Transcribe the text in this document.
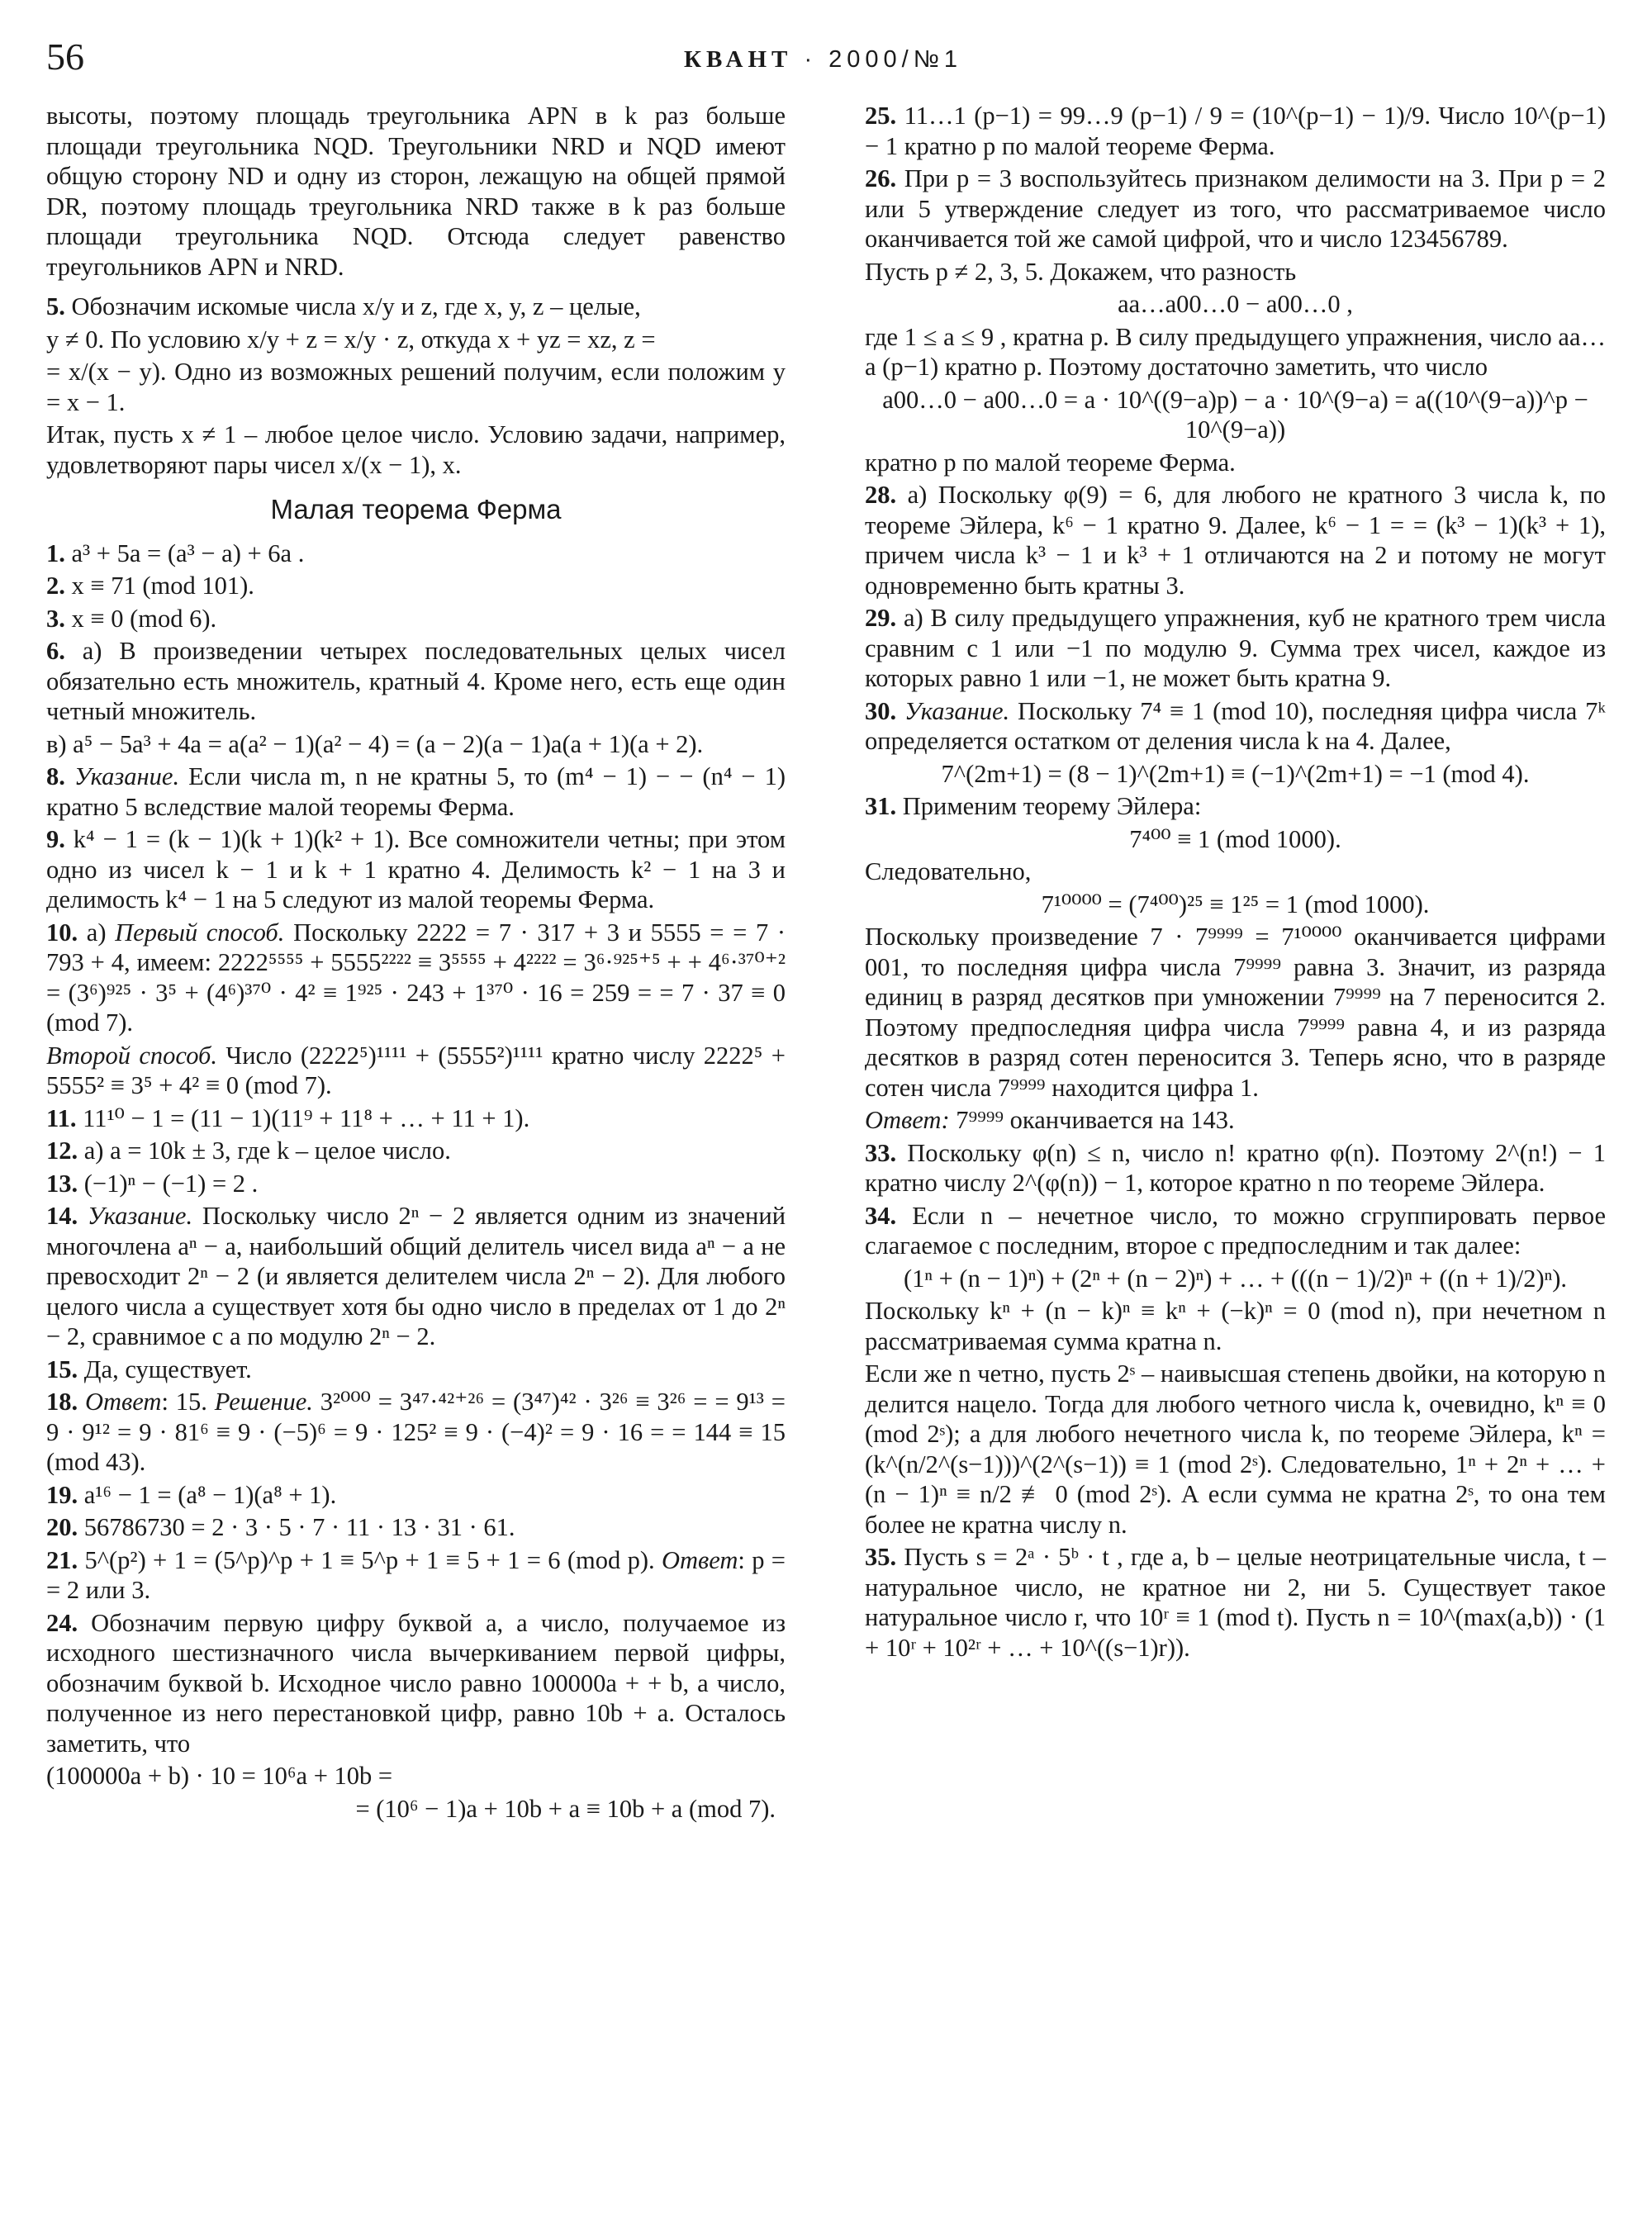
56	КВАНТ · 2000/№1

высоты, поэтому площадь треугольника APN в k раз больше площади треугольника NQD. Треугольники NRD и NQD имеют общую сторону ND и одну из сторон, лежащую на общей прямой DR, поэтому площадь треугольника NRD также в k раз больше площади треугольника NQD. Отсюда следует равенство треугольников APN и NRD.

5. Обозначим искомые числа x/y и z, где x, y, z – целые,

y ≠ 0. По условию x/y + z = x/y · z, откуда x + yz = xz, z =

= x/(x − y). Одно из возможных решений получим, если положим y = x − 1.

Итак, пусть x ≠ 1 – любое целое число. Условию задачи, например, удовлетворяют пары чисел x/(x − 1), x.

Малая теорема Ферма

1. a³ + 5a = (a³ − a) + 6a .

2. x ≡ 71 (mod 101).

3. x ≡ 0 (mod 6).

6. а) В произведении четырех последовательных целых чисел обязательно есть множитель, кратный 4. Кроме него, есть еще один четный множитель.

в) a⁵ − 5a³ + 4a = a(a² − 1)(a² − 4) = (a − 2)(a − 1)a(a + 1)(a + 2).

8. Указание. Если числа m, n не кратны 5, то (m⁴ − 1) − − (n⁴ − 1) кратно 5 вследствие малой теоремы Ферма.

9. k⁴ − 1 = (k − 1)(k + 1)(k² + 1). Все сомножители четны; при этом одно из чисел k − 1 и k + 1 кратно 4. Делимость k² − 1 на 3 и делимость k⁴ − 1 на 5 следуют из малой теоремы Ферма.

10. а) Первый способ. Поскольку 2222 = 7 · 317 + 3 и 5555 = = 7 · 793 + 4, имеем: 2222⁵⁵⁵⁵ + 5555²²²² ≡ 3⁵⁵⁵⁵ + 4²²²² = 3⁶·⁹²⁵⁺⁵ + + 4⁶·³⁷⁰⁺² = (3⁶)⁹²⁵ · 3⁵ + (4⁶)³⁷⁰ · 4² ≡ 1⁹²⁵ · 243 + 1³⁷⁰ · 16 = 259 = = 7 · 37 ≡ 0 (mod 7).

Второй способ. Число (2222⁵)¹¹¹¹ + (5555²)¹¹¹¹ кратно числу 2222⁵ + 5555² ≡ 3⁵ + 4² ≡ 0 (mod 7).

11. 11¹⁰ − 1 = (11 − 1)(11⁹ + 11⁸ + … + 11 + 1).

12. а) a = 10k ± 3, где k – целое число.

13. (−1)ⁿ − (−1) = 2 .

14. Указание. Поскольку число 2ⁿ − 2 является одним из значений многочлена aⁿ − a, наибольший общий делитель чисел вида aⁿ − a не превосходит 2ⁿ − 2 (и является делителем числа 2ⁿ − 2). Для любого целого числа a существует хотя бы одно число в пределах от 1 до 2ⁿ − 2, сравнимое с a по модулю 2ⁿ − 2.

15. Да, существует.

18. Ответ: 15. Решение. 3²⁰⁰⁰ = 3⁴⁷·⁴²⁺²⁶ = (3⁴⁷)⁴² · 3²⁶ ≡ 3²⁶ = = 9¹³ = 9 · 9¹² = 9 · 81⁶ ≡ 9 · (−5)⁶ = 9 · 125² ≡ 9 · (−4)² = 9 · 16 = = 144 ≡ 15 (mod 43).

19. a¹⁶ − 1 = (a⁸ − 1)(a⁸ + 1).

20. 56786730 = 2 · 3 · 5 · 7 · 11 · 13 · 31 · 61.

21. 5^(p²) + 1 = (5^p)^p + 1 ≡ 5^p + 1 ≡ 5 + 1 = 6 (mod p). Ответ: p = = 2 или 3.

24. Обозначим первую цифру буквой a, а число, получаемое из исходного шестизначного числа вычеркиванием первой цифры, обозначим буквой b. Исходное число равно 100000a + + b, а число, полученное из него перестановкой цифр, равно 10b + a. Осталось заметить, что

(100000a + b) · 10 = 10⁶a + 10b =

= (10⁶ − 1)a + 10b + a ≡ 10b + a (mod 7).

25. 11…1 (p−1) = 99…9 (p−1) / 9 = (10^(p−1) − 1)/9. Число 10^(p−1) − 1 кратно p по малой теореме Ферма.

26. При p = 3 воспользуйтесь признаком делимости на 3. При p = 2 или 5 утверждение следует из того, что рассматриваемое число оканчивается той же самой цифрой, что и число 123456789.

Пусть p ≠ 2, 3, 5. Докажем, что разность

aa…a00…0 − a00…0 ,

где 1 ≤ a ≤ 9 , кратна p. В силу предыдущего упражнения, число aa…a (p−1) кратно p. Поэтому достаточно заметить, что число

a00…0 − a00…0 = a · 10^((9−a)p) − a · 10^(9−a) = a((10^(9−a))^p − 10^(9−a))

кратно p по малой теореме Ферма.

28. а) Поскольку φ(9) = 6, для любого не кратного 3 числа k, по теореме Эйлера, k⁶ − 1 кратно 9. Далее, k⁶ − 1 = = (k³ − 1)(k³ + 1), причем числа k³ − 1 и k³ + 1 отличаются на 2 и потому не могут одновременно быть кратны 3.

29. а) В силу предыдущего упражнения, куб не кратного трем числа сравним с 1 или −1 по модулю 9. Сумма трех чисел, каждое из которых равно 1 или −1, не может быть кратна 9.

30. Указание. Поскольку 7⁴ ≡ 1 (mod 10), последняя цифра числа 7ᵏ определяется остатком от деления числа k на 4. Далее,

7^(2m+1) = (8 − 1)^(2m+1) ≡ (−1)^(2m+1) = −1 (mod 4).

31. Применим теорему Эйлера:

7⁴⁰⁰ ≡ 1 (mod 1000).

Следовательно,

7¹⁰⁰⁰⁰ = (7⁴⁰⁰)²⁵ ≡ 1²⁵ = 1 (mod 1000).

Поскольку произведение 7 · 7⁹⁹⁹⁹ = 7¹⁰⁰⁰⁰ оканчивается цифрами 001, то последняя цифра числа 7⁹⁹⁹⁹ равна 3. Значит, из разряда единиц в разряд десятков при умножении 7⁹⁹⁹⁹ на 7 переносится 2. Поэтому предпоследняя цифра числа 7⁹⁹⁹⁹ равна 4, и из разряда десятков в разряд сотен переносится 3. Теперь ясно, что в разряде сотен числа 7⁹⁹⁹⁹ находится цифра 1.

Ответ: 7⁹⁹⁹⁹ оканчивается на 143.

33. Поскольку φ(n) ≤ n, число n! кратно φ(n). Поэтому 2^(n!) − 1 кратно числу 2^(φ(n)) − 1, которое кратно n по теореме Эйлера.

34. Если n – нечетное число, то можно сгруппировать первое слагаемое с последним, второе с предпоследним и так далее:

(1ⁿ + (n − 1)ⁿ) + (2ⁿ + (n − 2)ⁿ) + … + (((n − 1)/2)ⁿ + ((n + 1)/2)ⁿ).

Поскольку kⁿ + (n − k)ⁿ ≡ kⁿ + (−k)ⁿ = 0 (mod n), при нечетном n рассматриваемая сумма кратна n.

Если же n четно, пусть 2ˢ – наивысшая степень двойки, на которую n делится нацело. Тогда для любого четного числа k, очевидно, kⁿ ≡ 0 (mod 2ˢ); а для любого нечетного числа k, по теореме Эйлера, kⁿ = (k^(n/2^(s−1)))^(2^(s−1)) ≡ 1 (mod 2ˢ). Следовательно, 1ⁿ + 2ⁿ + … + (n − 1)ⁿ ≡ n/2 ≢ 0 (mod 2ˢ). А если сумма не кратна 2ˢ, то она тем более не кратна числу n.

35. Пусть s = 2ᵃ · 5ᵇ · t , где a, b – целые неотрицательные числа, t – натуральное число, не кратное ни 2, ни 5. Существует такое натуральное число r, что 10ʳ ≡ 1 (mod t). Пусть n = 10^(max(a,b)) · (1 + 10ʳ + 10²ʳ + … + 10^((s−1)r)).
